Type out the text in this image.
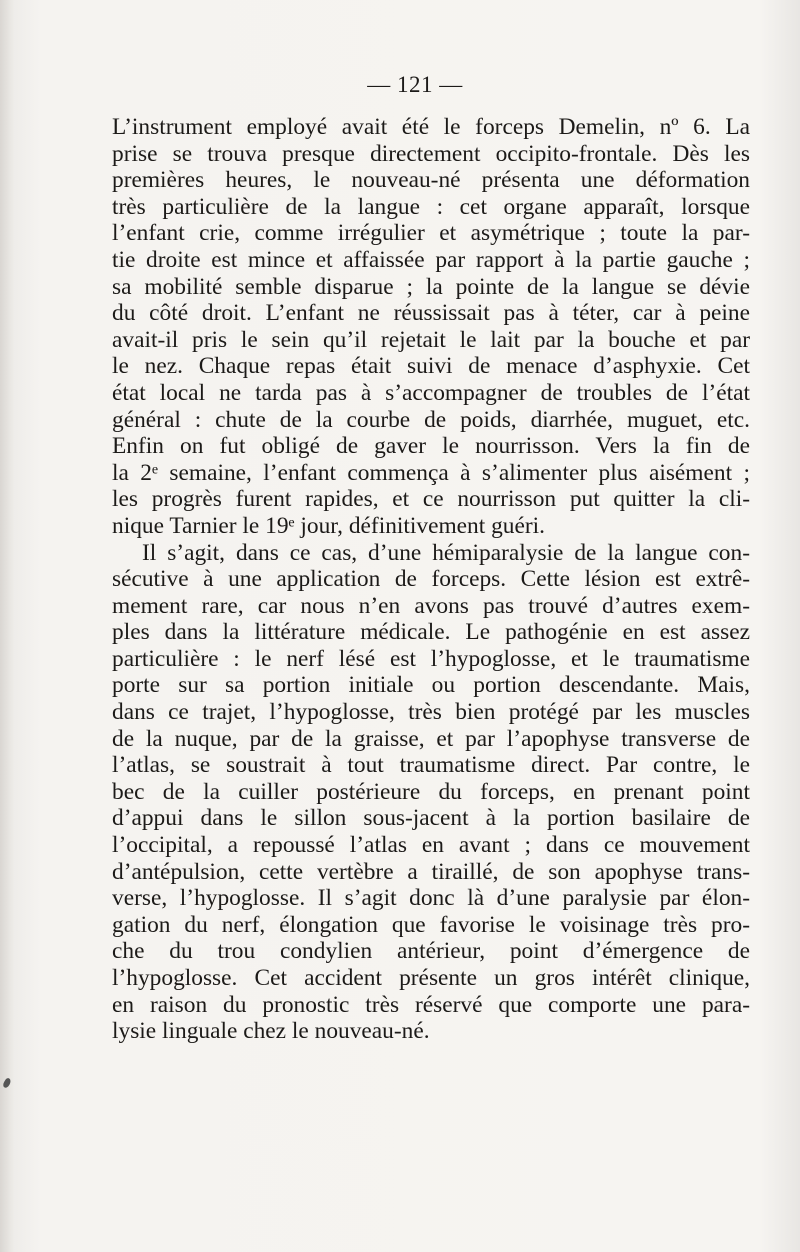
— 121 —
L’instrument employé avait été le forceps Demelin, nº 6. La
prise se trouva presque directement occipito-frontale. Dès les
premières heures, le nouveau-né présenta une déformation
très particulière de la langue : cet organe apparaît, lorsque
l’enfant crie, comme irrégulier et asymétrique ; toute la par-
tie droite est mince et affaissée par rapport à la partie gauche ;
sa mobilité semble disparue ; la pointe de la langue se dévie
du côté droit. L’enfant ne réussissait pas à téter, car à peine
avait-il pris le sein qu’il rejetait le lait par la bouche et par
le nez. Chaque repas était suivi de menace d’asphyxie. Cet
état local ne tarda pas à s’accompagner de troubles de l’état
général : chute de la courbe de poids, diarrhée, muguet, etc.
Enfin on fut obligé de gaver le nourrisson. Vers la fin de
la 2ᵉ semaine, l’enfant commença à s’alimenter plus aisément ;
les progrès furent rapides, et ce nourrisson put quitter la cli-
nique Tarnier le 19ᵉ jour, définitivement guéri.
Il s’agit, dans ce cas, d’une hémiparalysie de la langue con-
sécutive à une application de forceps. Cette lésion est extrê-
mement rare, car nous n’en avons pas trouvé d’autres exem-
ples dans la littérature médicale. Le pathogénie en est assez
particulière : le nerf lésé est l’hypoglosse, et le traumatisme
porte sur sa portion initiale ou portion descendante. Mais,
dans ce trajet, l’hypoglosse, très bien protégé par les muscles
de la nuque, par de la graisse, et par l’apophyse transverse de
l’atlas, se soustrait à tout traumatisme direct. Par contre, le
bec de la cuiller postérieure du forceps, en prenant point
d’appui dans le sillon sous-jacent à la portion basilaire de
l’occipital, a repoussé l’atlas en avant ; dans ce mouvement
d’antépulsion, cette vertèbre a tiraillé, de son apophyse trans-
verse, l’hypoglosse. Il s’agit donc là d’une paralysie par élon-
gation du nerf, élongation que favorise le voisinage très pro-
che du trou condylien antérieur, point d’émergence de
l’hypoglosse. Cet accident présente un gros intérêt clinique,
en raison du pronostic très réservé que comporte une para-
lysie linguale chez le nouveau-né.
